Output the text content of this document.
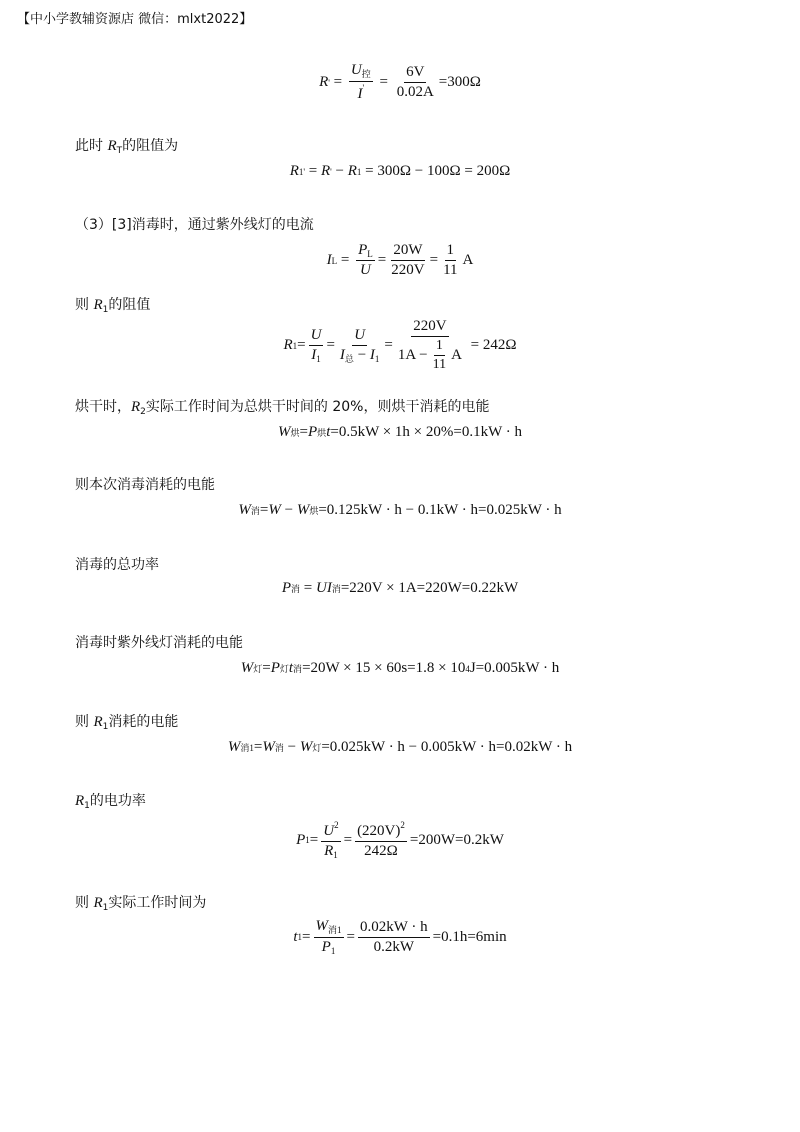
【中小学教辅资源店 微信：mlxt2022】
R ' = $\frac{U_控}{I'} = \frac{6V}{0.02A} =300\Omega$
此时 $R_T$的阻值为
R 1 ' = R ' − R 1 = 300Ω − 100Ω = 200Ω
（3）[3]消毒时，通过紫外线灯的电流
I $L = \frac{P_L}{U} = \frac{20W}{220V} = \frac{1}{11}$ Α
则 $R_1$的阻值
R $1 = \frac{U}{I_1} = \frac{U}{I_总 - I_1} = \frac{220V}{1A - \frac{1}{11} A} = 242\Omega$
烘干时，$R_2$实际工作时间为总烘干时间的 20%，则烘干消耗的电能
W 烘 = P 烘 t =0.5kW × 1h × 20%=0.1kW · h
则本次消毒消耗的电能
W 消 = W − W 烘 =0.125kW · h − 0.1kW · h=0.025kW · h
消毒的总功率
P 消 = U I 消 =220V × 1Α=220W=0.22kW
消毒时紫外线灯消耗的电能
W 灯 = P 灯 t 消 =20W × 15 × 60s=1.8 × 10 4 J=0.005kW · h
则 $R_1$消耗的电能
W 消1 = W 消 − W 灯 =0.025kW · h − 0.005kW · h=0.02kW · h
$R_1$的电功率
P $1 = \frac{U^2}{R_1} = \frac{(220V)^2}{242\Omega} =200W=0.2kW$
则 $R_1$实际工作时间为
t $1 = \frac{W_{消1}}{P_1} = \frac{0.02kW \cdot h}{0.2kW} =0.1h=6\min$
